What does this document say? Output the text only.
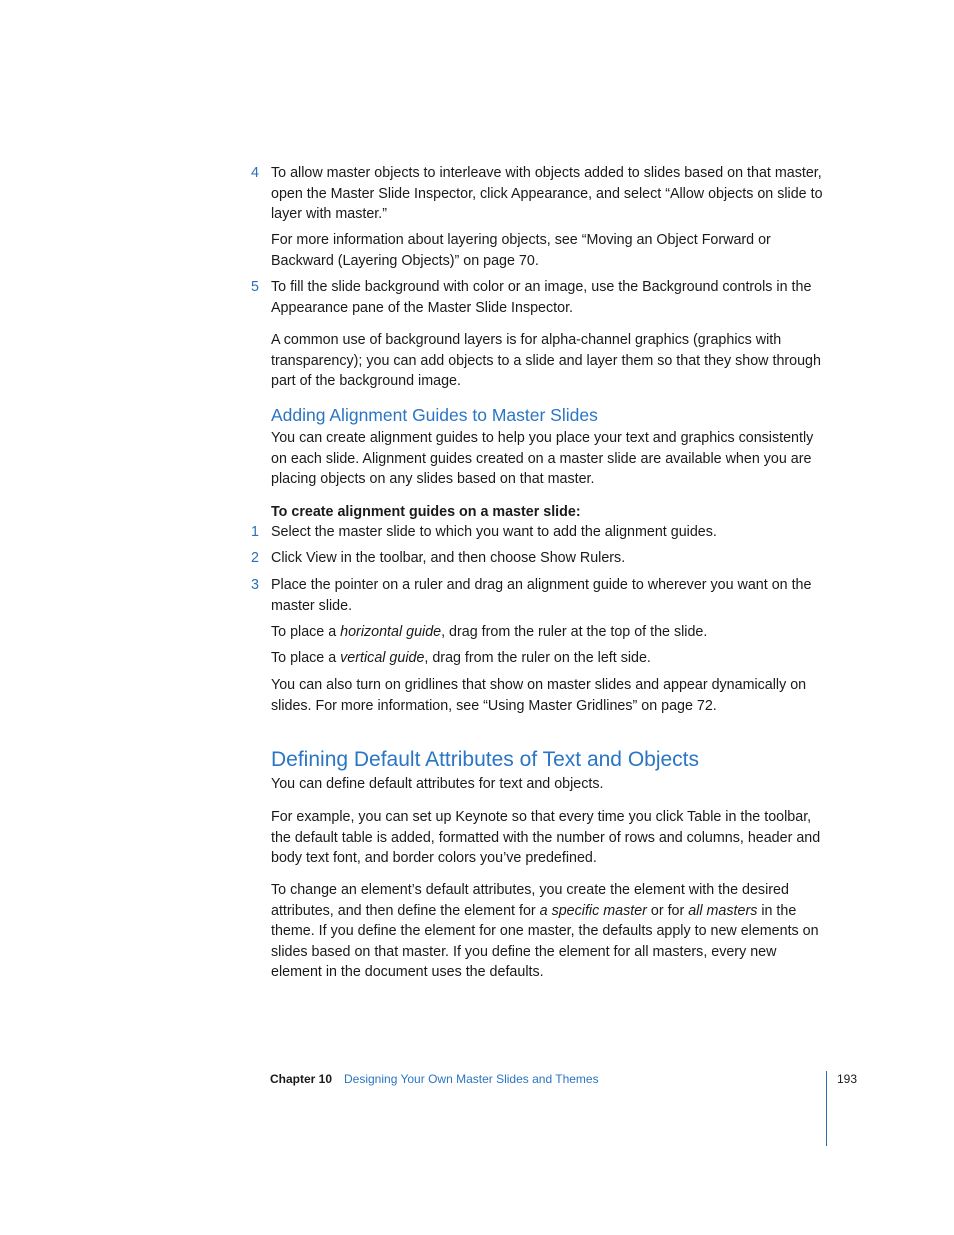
4 To allow master objects to interleave with objects added to slides based on that master, open the Master Slide Inspector, click Appearance, and select “Allow objects on slide to layer with master.”

For more information about layering objects, see “Moving an Object Forward or Backward (Layering Objects)” on page 70.

5 To fill the slide background with color or an image, use the Background controls in the Appearance pane of the Master Slide Inspector.

A common use of background layers is for alpha-channel graphics (graphics with transparency); you can add objects to a slide and layer them so that they show through part of the background image.

Adding Alignment Guides to Master Slides

You can create alignment guides to help you place your text and graphics consistently on each slide. Alignment guides created on a master slide are available when you are placing objects on any slides based on that master.

To create alignment guides on a master slide:

1 Select the master slide to which you want to add the alignment guides.

2 Click View in the toolbar, and then choose Show Rulers.

3 Place the pointer on a ruler and drag an alignment guide to wherever you want on the master slide.

To place a horizontal guide, drag from the ruler at the top of the slide.

To place a vertical guide, drag from the ruler on the left side.

You can also turn on gridlines that show on master slides and appear dynamically on slides. For more information, see “Using Master Gridlines” on page 72.

Defining Default Attributes of Text and Objects

You can define default attributes for text and objects.

For example, you can set up Keynote so that every time you click Table in the toolbar, the default table is added, formatted with the number of rows and columns, header and body text font, and border colors you’ve predefined.

To change an element’s default attributes, you create the element with the desired attributes, and then define the element for a specific master or for all masters in the theme. If you define the element for one master, the defaults apply to new elements on slides based on that master. If you define the element for all masters, every new element in the document uses the defaults.

Chapter 10 Designing Your Own Master Slides and Themes	193
